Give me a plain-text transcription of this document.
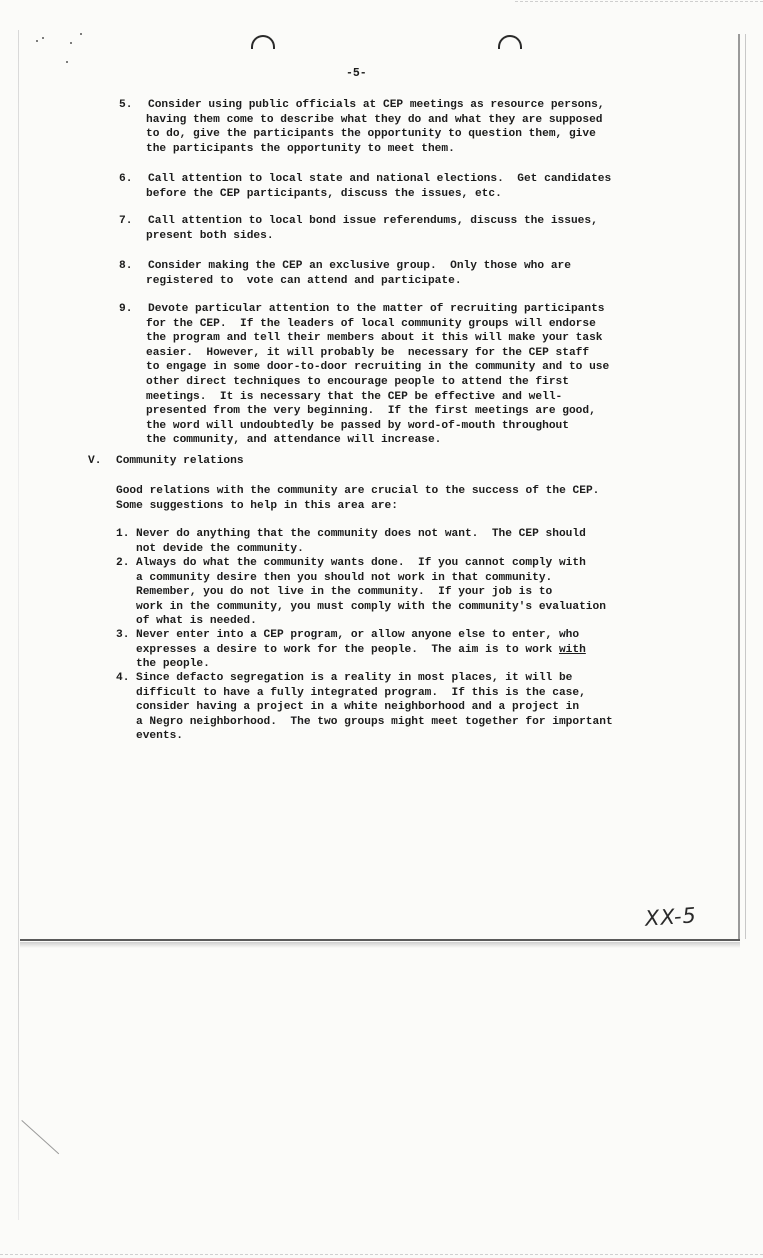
-5-
5. Consider using public officials at CEP meetings as resource persons,
having them come to describe what they do and what they are supposed
to do, give the participants the opportunity to question them, give
the participants the opportunity to meet them.
6. Call attention to local state and national elections.  Get candidates
before the CEP participants, discuss the issues, etc.
7. Call attention to local bond issue referendums, discuss the issues,
present both sides.
8. Consider making the CEP an exclusive group.  Only those who are
registered to  vote can attend and participate.
9. Devote particular attention to the matter of recruiting participants
for the CEP.  If the leaders of local community groups will endorse
the program and tell their members about it this will make your task
easier.  However, it will probably be  necessary for the CEP staff
to engage in some door-to-door recruiting in the community and to use
other direct techniques to encourage people to attend the first
meetings.  It is necessary that the CEP be effective and well-
presented from the very beginning.  If the first meetings are good,
the word will undoubtedly be passed by word-of-mouth throughout
the community, and attendance will increase.
V. Community relations
Good relations with the community are crucial to the success of the CEP.
Some suggestions to help in this area are:
1. Never do anything that the community does not want.  The CEP should
not devide the community.
2. Always do what the community wants done.  If you cannot comply with
a community desire then you should not work in that community.
Remember, you do not live in the community.  If your job is to
work in the community, you must comply with the community's evaluation
of what is needed.
3. Never enter into a CEP program, or allow anyone else to enter, who
expresses a desire to work for the people.  The aim is to work with
the people.
4. Since defacto segregation is a reality in most places, it will be
difficult to have a fully integrated program.  If this is the case,
consider having a project in a white neighborhood and a project in
a Negro neighborhood.  The two groups might meet together for important
events.
XX-5
